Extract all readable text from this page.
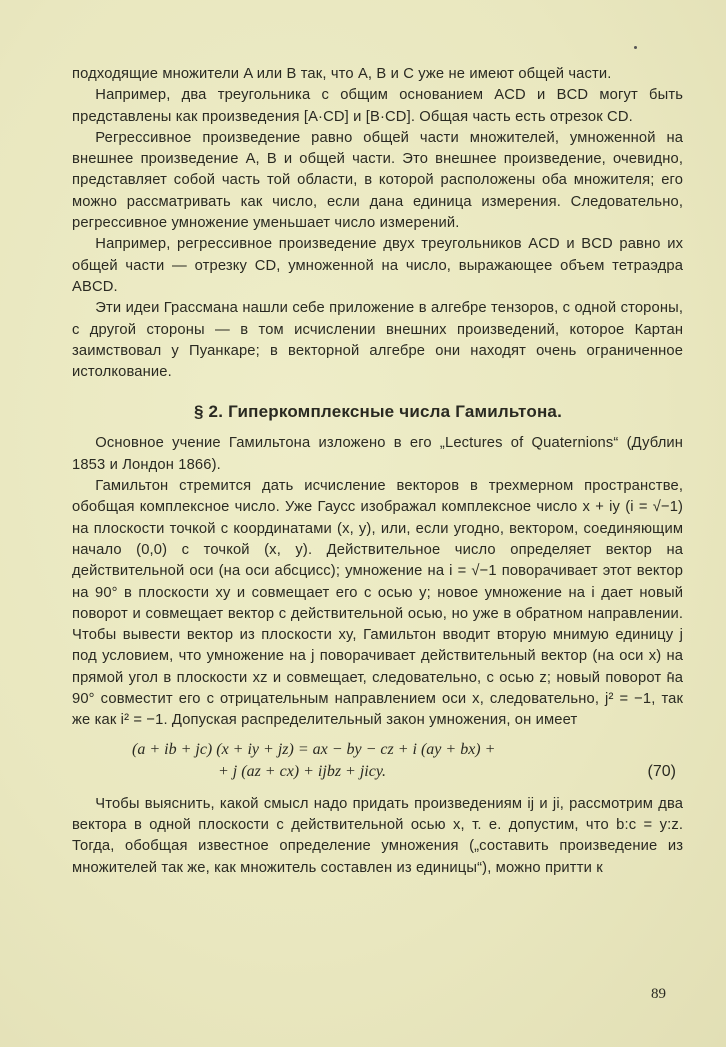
подходящие множители A или B так, что A, B и C уже не имеют общей части.

Например, два треугольника с общим основанием ACD и BCD могут быть представлены как произведения [A·CD] и [B·CD]. Общая часть есть отрезок CD.

Регрессивное произведение равно общей части множителей, умноженной на внешнее произведение A, B и общей части. Это внешнее произведение, очевидно, представляет собой часть той области, в которой расположены оба множителя; его можно рассматривать как число, если дана единица измерения. Следовательно, регрессивное умножение уменьшает число измерений.

Например, регрессивное произведение двух треугольников ACD и BCD равно их общей части — отрезку CD, умноженной на число, выражающее объем тетраэдра ABCD.

Эти идеи Грассмана нашли себе приложение в алгебре тензоров, с одной стороны, с другой стороны — в том исчислении внешних произведений, которое Картан заимствовал у Пуанкаре; в векторной алгебре они находят очень ограниченное истолкование.

§ 2. Гиперкомплексные числа Гамильтона.

Основное учение Гамильтона изложено в его „Lectures of Quaternions“ (Дублин 1853 и Лондон 1866).

Гамильтон стремится дать исчисление векторов в трехмерном пространстве, обобщая комплексное число. Уже Гаусс изображал комплексное число x + iy (i = √−1) на плоскости точкой с координатами (x, y), или, если угодно, вектором, соединяющим начало (0,0) с точкой (x, y). Действительное число определяет вектор на действительной оси (на оси абсцисс); умножение на i = √−1 поворачивает этот вектор на 90° в плоскости xy и совмещает его с осью y; новое умножение на i дает новый поворот и совмещает вектор с действительной осью, но уже в обратном направлении. Чтобы вывести вектор из плоскости xy, Гамильтон вводит вторую мнимую единицу j под условием, что умножение на j поворачивает действительный вектор (на оси x) на прямой угол в плоскости xz и совмещает, следовательно, с осью z; новый поворот на 90° совместит его с отрицательным направлением оси x, следовательно, j² = −1, так же как i² = −1. Допуская распределительный закон умножения, он имеет

(a + ib + jc) (x + iy + jz) = ax − by − cz + i (ay + bx) +
+ j (az + cx) + ijbz + jicy.	(70)

Чтобы выяснить, какой смысл надо придать произведениям ij и ji, рассмотрим два вектора в одной плоскости с действительной осью x, т. е. допустим, что b:c = y:z. Тогда, обобщая известное определение умножения („составить произведение из множителей так же, как множитель составлен из единицы“), можно притти к

89
